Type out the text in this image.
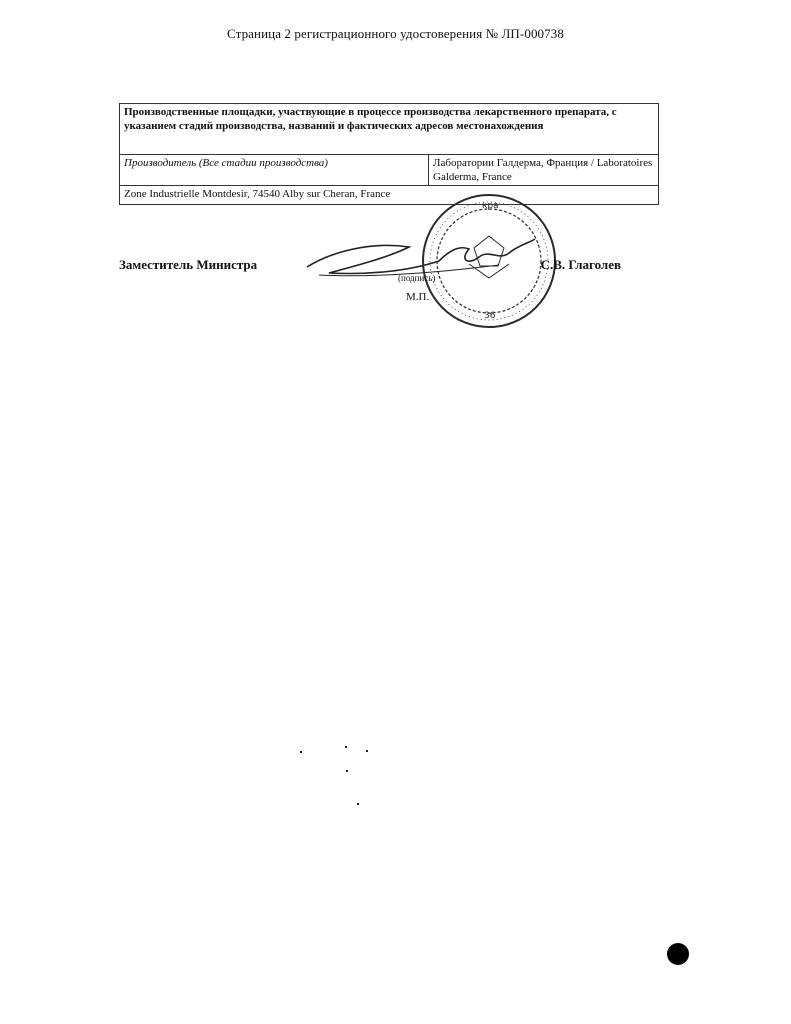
Страница 2 регистрационного удостоверения № ЛП-000738
Производственные площадки, участвующие в процессе производства лекарственного препарата, с указанием стадий производства, названий и фактических адресов местонахождения
Производитель (Все стадии производства)	Лаборатории Галдерма, Франция / Laboratoires Galderma, France
Zone Industrielle Montdesir, 74540 Alby sur Cheran, France
Заместитель Министра
кра
36
С.В. Глаголев
(подпись)
М.П.
